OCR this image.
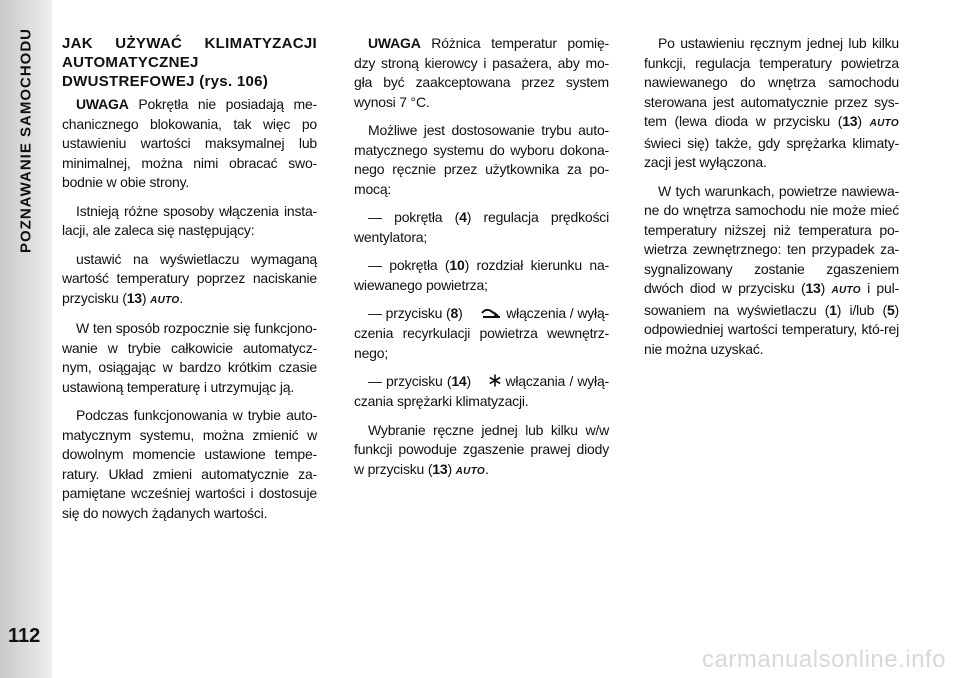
POZNAWANIE SAMOCHODU
112
JAK UŻYWAĆ KLIMATYZACJI AUTOMATYCZNEJ DWUSTREFOWEJ (rys. 106)

UWAGA Pokrętła nie posiadają me-chanicznego blokowania, tak więc po ustawieniu wartości maksymalnej lub minimalnej, można nimi obracać swo-bodnie w obie strony.

Istnieją różne sposoby włączenia insta-lacji, ale zaleca się następujący:

ustawić na wyświetlaczu wymaganą wartość temperatury poprzez naciskanie przycisku (13) AUTO.

W ten sposób rozpocznie się funkcjono-wanie w trybie całkowicie automatycz-nym, osiągając w bardzo krótkim czasie ustawioną temperaturę i utrzymując ją.

Podczas funkcjonowania w trybie auto-matycznym systemu, można zmienić w dowolnym momencie ustawione tempe-ratury. Układ zmieni automatycznie za-pamiętane wcześniej wartości i dostosuje się do nowych żądanych wartości.

UWAGA Różnica temperatur pomię-dzy stroną kierowcy i pasażera, aby mo-gła być zaakceptowana przez system wynosi 7 °C.

Możliwe jest dostosowanie trybu auto-matycznego systemu do wyboru dokona-nego ręcznie przez użytkownika za po-mocą:

— pokrętła (4) regulacja prędkości wentylatora;

— pokrętła (10) rozdział kierunku na-wiewanego powietrza;

— przycisku (8)	włączenia / wyłą-czenia recyrkulacji powietrza wewnętrz-nego;

— przycisku (14)  włączania / wyłą-czania sprężarki klimatyzacji.

Wybranie ręczne jednej lub kilku w/w funkcji powoduje zgaszenie prawej diody w przycisku (13) AUTO.

Po ustawieniu ręcznym jednej lub kilku funkcji, regulacja temperatury powietrza nawiewanego do wnętrza samochodu sterowana jest automatycznie przez sys-tem (lewa dioda w przycisku (13) AUTO świeci się) także, gdy sprężarka klimaty-zacji jest wyłączona.

W tych warunkach, powietrze nawiewa-ne do wnętrza samochodu nie może mieć temperatury niższej niż temperatura po-wietrza zewnętrznego: ten przypadek za-sygnalizowany zostanie zgaszeniem dwóch diod w przycisku (13) AUTO i pul-sowaniem na wyświetlaczu (1) i/lub (5) odpowiedniej wartości temperatury, któ-rej nie można uzyskać.

carmanualsonline.info
